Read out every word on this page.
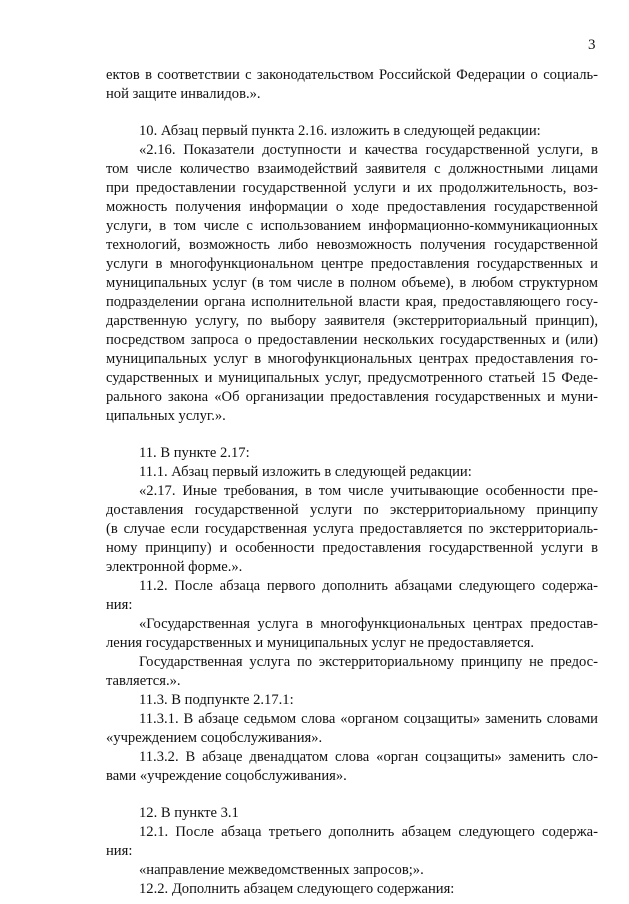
3
ектов в соответствии с законодательством Российской Федерации о социаль-
ной защите инвалидов.».
10. Абзац первый пункта 2.16. изложить в следующей редакции:
«2.16. Показатели доступности и качества государственной услуги, в
том числе количество взаимодействий заявителя с должностными лицами
при предоставлении государственной услуги и их продолжительность, воз-
можность получения информации о ходе предоставления государственной
услуги, в том числе с использованием информационно-коммуникационных
технологий, возможность либо невозможность получения государственной
услуги в многофункциональном центре предоставления государственных и
муниципальных услуг (в том числе в полном объеме), в любом структурном
подразделении органа исполнительной власти края, предоставляющего госу-
дарственную услугу, по выбору заявителя (экстерриториальный принцип),
посредством запроса о предоставлении нескольких государственных и (или)
муниципальных услуг в многофункциональных центрах предоставления го-
сударственных и муниципальных услуг, предусмотренного статьей 15 Феде-
рального закона «Об организации предоставления государственных и муни-
ципальных услуг.».
11. В пункте 2.17:
11.1. Абзац первый изложить в следующей редакции:
«2.17. Иные требования, в том числе учитывающие особенности пре-
доставления государственной услуги по экстерриториальному принципу
(в случае если государственная услуга предоставляется по экстерриториаль-
ному принципу) и особенности предоставления государственной услуги в
электронной форме.».
11.2. После абзаца первого дополнить абзацами следующего содержа-
ния:
«Государственная услуга в многофункциональных центрах предостав-
ления государственных и муниципальных услуг не предоставляется.
Государственная услуга по экстерриториальному принципу не предос-
тавляется.».
11.3. В подпункте 2.17.1:
11.3.1. В абзаце седьмом слова «органом соцзащиты» заменить словами
«учреждением соцобслуживания».
11.3.2. В абзаце двенадцатом слова «орган соцзащиты» заменить сло-
вами «учреждение соцобслуживания».
12. В пункте 3.1
12.1. После абзаца третьего дополнить абзацем следующего содержа-
ния:
«направление межведомственных запросов;».
12.2. Дополнить абзацем следующего содержания:
